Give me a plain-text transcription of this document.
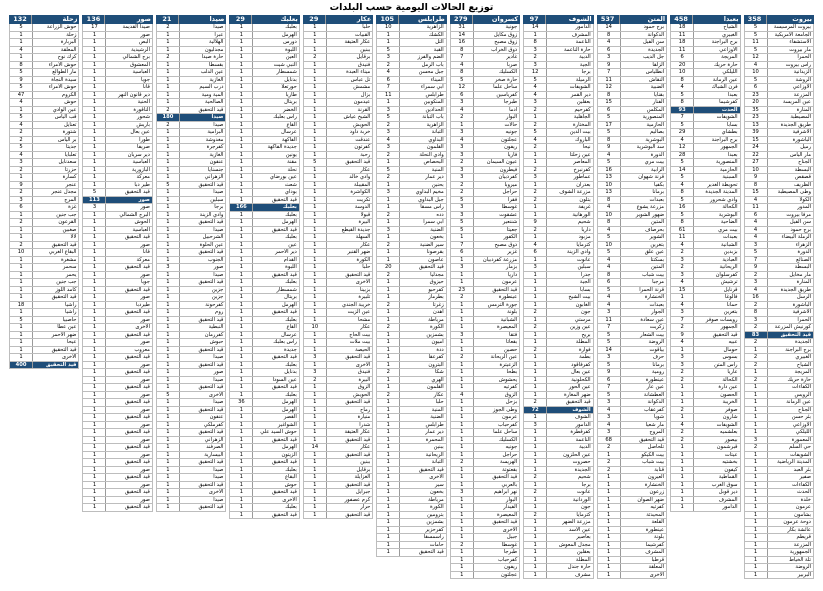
توزيع الحالات اليومية حسب البلدات
بيروت
358
بيروت المرسيسة
5
الجامعة الأمريكية
5
الاستشفاء
11
مار بيروت
5
الحمرا
12
رأس بيروت
4
الزيدانية
10
الروشة
5
الأوزاعي
6
المزرعة
23
عين المريسة
20
المنارة
35
المصيطبة
23
طريق الجديدة
13
الاشرفية
39
الباشورة
15
رميل
24
مار الياس
22
الجناح
27
البسطة
10
قصقص
9
الظريف
8
وطى المصيطبة
15
الكولا
4
المدور
11
مرفأ بيروت
6
سن الفيل
4
برج حمود
4
الرملة البيضاء
4
الزهراء
3
الدورة
5
الصنائع
7
البسطة
9
مار مخايل
2
المنارة
3
طريق الجديدة
4
الرسل
16
الباشورة
2
الأشرفية
8
الحمرا
3
كورنيش المزرعة
2
قيد التحقيق
83
الجديدة
2
برج البراجنة
1
الغبيري
2
الشياح
2
المريجة
1
حارة حريك
2
الكفاءات
1
الرويس
1
عين الرمانة
1
الجناح
1
بئر حسن
1
الأوزاعي
1
الليلكي
1
المعمورة
3
حي السلم
2
الشويفات
1
المدينة الرياضية
1
بئر العبد
1
صفير
1
الكفاءات
1
الحدث
1
خلدة
1
عرمون
1
بشامون
1
دوحة عرمون
1
عائشة بكار
1
قريطم
1
المزرعة
1
الجمهورية
1
تلة الخياط
1
الروضة
1
البربير
1
بعبدا
458
الشياح
18
الغبيري
11
برج البراجنة
18
الأوزاعي
11
المريجة
6
حارة حريك
20
الليلكي
10
عين الرمانة
8
فرن الشباك
4
بعبدا
5
كفرشيما
8
الحدث
93
الشويفات
7
بسابا
5
بطشاي
29
برج البراجنة
4
الجمهور
12
بعبدا
28
المنصورية
5
الحازمية
14
السبنية
5
تحويطة الغدير
4
المدينة الجديدة
8
وادي شحرور
5
الكحالة
16
البوشرية
5
الضاحية
8
بيت مري
61
بعبدات
11
الشبانية
4
بزبدين
2
العبادية
3
الريحانية
2
كفرسلوان
3
ترشيش
4
قرنايل
15
فالوغا
1
حمانا
4
بتغرين
3
رويسات صوفر
7
الجمهور
2
قيد التحقيق
9
عبيه
4
حومال
1
بسوس
3
رأس المتن
3
عاريا
2
الكحالة
2
عين دارة
1
الحصون
1
الخريبة
1
صوفر
2
شارون
1
الشويفات
4
بعلشميه
2
بيصور
2
قبرشمون
1
عيتات
1
بخشتيه
1
كيفون
1
القماطية
1
سوق الغرب
1
دير قوبل
1
المشرف
1
الدامور
1
المتن
537
برج حمود
14
الدكوانة
8
سن الفيل
4
الجديدة
6
جل الديب
3
الزلقا
9
انطلياس
7
النقاش
11
الضبية
12
بقنايا
8
الفنار
15
المكلس
6
المنصورية
5
الحازمية
17
بصاليم
5
البوشرية
8
سد البوشرية
9
الدورة
4
بيت مري
5
الرابية
16
قرنة شهوان
13
بكفيا
10
برمانا
13
بعبدات
8
مزرعة يشوع
4
ضهور الشوير
10
المتين
8
بحرصاف
4
الشوير
5
بتغرين
10
عين علق
5
بسكنتا
4
المتين
4
بيت شباب
8
مرجبا
6
قرنة الحمرا
5
الخنشارة
4
بعبدات
4
الجوار
3
عين سعادة
11
زكريت
7
بيت الشعار
5
الروضة
5
بياقوت
14
حرف
3
برمانا
5
رومية
9
عينطورة
6
عين عار
7
العطشانة
5
الدكوانة
3
كفرعقاب
4
شويا
3
مار شعيا
4
المروج
3
قيد التحقيق
68
تلحاصل
2
بيت الكيكو
1
بيت شباب
2
قنابة
2
العيرون
1
الخنشارة
1
زرعون
1
ضهر الصوان
1
كفرتيه
1
المحيدثة
1
القلعة
1
عينطورة
1
بلونة
1
كفرشيما
1
المشرف
1
قرطبا
1
المعلقة
1
الاخرى
1
الشوف
97
الدامور
14
المشرف
1
الناعمة
8
حارة الناعمة
3
الدبية
2
الجية
3
برجا
12
الرميلة
5
الشويفات
4
دير القمر
4
بعقلين
3
كفرحيم
2
الجاهلية
1
المختارة
2
بيت الدين
5
الباروك
4
نيحا
2
عين زحلتا
1
المعاصر
1
كفرنبرخ
2
عماطور
3
بعذران
1
مزرعة الشوف
2
بتلون
2
غريفة
1
الورهانية
1
شحيم
9
داريا
2
مزبود
1
كترمايا
4
وادي الزينة
6
عانوت
1
سبلين
3
جدرا
1
الجية
1
بسابا
1
بيت الشيخ
1
الغابون
1
جون
2
مرستي
1
عين وزين
2
بريح
1
المطلة
1
فوارة
2
بطمة
1
كفرفاقود
1
عين بعال
1
الكحلونية
1
عين الحور
1
ضهر المغارة
1
قيد التحقيق
2
الشوف
72
الشوف
1
الدامور
3
كفرقطرة
1
الناعمة
1
الدبية
1
عين الحلزون
1
حصروت
1
الجديدة
1
شحيم
2
برجا
1
عانوت
2
الوردانية
1
جون
1
كترمايا
2
مزرعة الضهر
1
عين الاسد
1
بعاصير
1
مجدل المعوش
1
بعقلين
1
المطلة
1
حارة جندل
1
مشرف
1
كسروان
279
جونية
31
زوق مكايل
14
زوق مصبح
16
ذوق الخراب
8
غادير
7
صربا
4
الكسليك
8
حارة صخر
5
ساحل علما
12
كفرياسين
6
طبرجا
3
أدما
4
البوار
2
حالات
1
جونيه
3
عجلتون
4
ريفون
3
فاريا
3
عيون السيمان
2
فيطرون
3
كفرذبيان
3
ميروبا
2
حراجل
2
فقرا
5
غوسطا
3
عشقوت
3
شننعير
5
جعيتا
5
الكفور
1
ذوق مصبح
7
غزير
6
مزرعة كفرذبيان
1
بزمار
3
داريا
1
عرمون
1
قيد التحقيق
23
عينطورة
2
جورة الترمس
1
بلونة
1
الشبانية
1
المعيصرة
1
فتقا
3
بقعاتا
1
حصين
1
عين الريحانة
2
الزعيترة
1
بطحا
1
يحشوش
1
كفرتيه
1
الزوق
4
بزحل
1
وطى الجوز
1
عرمون
1
كفرحباب
1
ساحل علما
1
الكسليك
1
جونيه
1
حراجل
1
الهريسة
2
بقعتوتة
1
قيد التحقيق
1
بالعربي
1
نهر ابراهيم
3
البوار
1
الفيدار
1
المعيصرة
1
قيد التحقيق
1
الأخرى
1
جبيل
1
غوسطا
2
طبرجا
1
كفرحباب
1
ريفون
1
عجلتون
1
طرابلس
105
الزاهرية
10
الكشك
1
التل
1
القبة
5
الضم والفرز
3
باب الرمل
2
جبل محسن
4
الميناء
6
ابي سمراء
7
طرابلس
11
المنكوبين
1
الحدادين
3
باب التبانة
5
الزاهرية
2
التبانة
3
البداوي
4
القلمون
3
وادي النحلة
2
البحصاص
1
المنية
5
دير عمار
2
بحنين
1
مخيم البداوي
3
جبل البداوي
1
رأس مسقا
1
دده
2
أبي سمرا
1
الضنية
3
بخعون
1
سير الضنية
2
بقرصونا
1
عاصون
1
قيد التحقيق
20
مجدليا
2
حيزوق
1
كفرحبو
1
بطرماز
1
زغرتا
2
اهدن
1
مرياطة
1
الكورة
2
بشمزين
1
امیون
1
ددة
1
كفرعقا
1
البترون
1
شكا
2
الهري
1
القلمون
1
عكار
2
حلبا
1
المنية
1
الضنية
1
طرابلس
1
دير عمار
1
المحمرة
1
ببنين
1
الريحانية
1
التبانة
1
قيد التحقيق
1
الاخرى
1
سير
1
بخعون
1
مرياطة
1
الكورة
1
بترومين
1
بشمزين
1
كفرحزير
1
راسمسقا
1
حامات
1
قيد التحقيق
1
عكار
29
حلبا
1
القبيات
1
عكار العتيقة
1
ببنين
1
برقايل
2
فنيدق
1
ميناء العبدة
1
تل عباس
1
مشمش
1
بزال
1
عيدمون
1
القرنة
1
الشيخ عياش
1
الحويش
1
خربة داود
1
عندقت
1
كفرتون
1
رحبة
1
قيد التحقيق
5
عكار
1
وادي خالد
1
المقيبلة
1
الكواشرة
1
تكريت
1
الدوسة
1
قبولا
1
البيرة
1
جديدة القيطع
1
السهلة
1
عكار
1
ضهر القنبر
1
الكورة
1
حلبا
1
قيد التحقيق
1
الأخرى
1
بزبينا
1
تلبيرة
1
خريبة الجندي
1
عين الزيت
1
مشحا
1
عكار
10
بيت الحاج
1
بيت ملات
1
الحيصة
1
قيد التحقيق
3
الأخرى
1
فنيدق
3
البيرة
2
الزوق
1
الحويش
1
قيد التحقيق
1
رماح
1
منيارة
1
شدرا
1
عكار العتيقة
1
قيد التحقيق
1
عكار
14
قيد التحقيق
1
ببنين
1
برقايل
1
الغزايلة
1
قيد التحقيق
1
جبرايل
1
كرم عصفور
1
حرار
1
قيد التحقيق
1
بعلبك
29
بعلبك
1
الهرمل
1
دورس
1
اللبوة
1
العين
1
النبي شيت
1
شمسطار
1
بدنايل
1
حورتعلا
1
طاريا
1
بريتال
1
الخضر
1
رأس بعلبك
1
القاع
1
عرسال
1
الفاكهة
1
جديدة الفاكهة
1
يونين
1
مقنة
1
نحلة
1
عين بورضاي
1
شعث
1
بوداي
1
قيد التحقيق
1
بعلبك
166
بعلبك
1
الهرمل
1
قيد التحقيق
1
بعلبك
1
عين
1
دير الأحمر
1
القدام
1
اللبوة
1
قيد التحقيق
1
بعلبك
1
شمسطار
1
بريتال
1
الهرمل
1
قيد التحقيق
1
بعلبك
1
القاع
1
عرسال
1
رأس بعلبك
1
جديدة
1
قيد التحقيق
1
بعلبك
1
بدنايل
1
عين السودا
1
قيد التحقيق
1
بعلبك
1
الهرمل
36
الهرمل
1
القصر
1
الشواغير
1
حوش السيد علي
1
قيد التحقيق
1
الهرمل
1
الزيتون
1
قيد التحقيق
1
بعلبك
1
البقاع
1
حوش
1
قيد التحقيق
1
الأخرى
1
بعلبك
1
قيد التحقيق
1
صيدا
21
صيدا
2
عبرا
1
الهلالية
1
مجدليون
1
حارة صيدا
2
بقسطا
1
عين الدلب
1
الغازية
1
درب السيم
1
المية ومية
1
الصالحية
1
قيد التحقيق
2
صيدا
180
صيدا
2
البرامية
1
مغدوشة
1
كفرجرة
1
الغازية
1
عنقون
1
جنسنايا
1
الزهراني
1
قيد التحقيق
5
صيدا
1
سبلين
1
برجا
1
وادي الزينة
1
قيد التحقيق
1
صيدا
1
الشرحبيل
1
عين الحلوة
1
قيد التحقيق
1
الجنوب
1
صور
3
صيدا
1
قيد التحقيق
1
جزين
1
جزين
1
كفرحونة
1
روم
1
قيد التحقيق
1
النبطية
1
كفررمان
1
حبوش
1
قيد التحقيق
1
صيدا
1
قيد التحقيق
1
صور
1
صيدا
1
قيد التحقيق
1
الأخرى
5
صيدا
1
قيد التحقيق
1
عنقون
1
كفرملكي
1
قيد التحقيق
1
الزهراني
1
الصرفند
1
البيسارية
1
قيد التحقيق
1
صيدا
1
صيدا
1
قيد التحقيق
1
الأخرى
1
صيدا
1
قيد التحقيق
1
صور
136
صيدا القديمة
17
صور
1
البص
1
الرشيدية
1
برج الشمالي
1
المعشوق
1
العباسية
1
جويا
1
قانا
1
دير قانون النهر
1
الحنية
1
الناقورة
1
شحور
1
باريش
1
عين بعال
1
طورا
1
صريفا
1
دير سريان
1
العباسية
1
البازورية
1
معركة
1
طير دبا
1
قيد التحقيق
5
صور
113
صور
3
البرج الشمالي
1
الحوش
1
العباسية
1
قيد التحقيق
1
صور
1
قانا
1
معركة
1
قيد التحقيق
1
صور
1
جويا
1
قيد التحقيق
1
صور
1
طيردبا
1
قيد التحقيق
1
صور
1
الأخرى
1
قيد التحقيق
1
صور
1
معروب
1
قيد التحقيق
1
صور
1
قيد التحقيق
1
صور
1
قيد التحقيق
1
صور
1
قيد التحقيق
1
صور
1
قيد التحقيق
1
صور
1
قيد التحقيق
1
صور
1
قيد التحقيق
1
صور
1
قيد التحقيق
1
صور
1
قيد التحقيق
1
صور
1
قيد التحقيق
1
صور
1
قيد التحقيق
1
زحلة
132
حوش الزراعة
5
زحلة
1
البربارة
1
المعلقة
4
كرك نوح
1
حوش الأمراء
8
مار الطوالع
5
سيدة النجاة
9
حوش الأمراء
5
الكروم
47
حوش
4
عين الوادي
1
قب الياس
5
تعنايل
4
شتورة
2
بر الياس
2
جديتا
5
تعلبايا
4
سعدنايل
3
حزرتا
2
كسارة
1
عنجر
9
مجدل عنجر
2
المرج
3
غزة
6
جب جنين
1
القرعون
2
صغبين
1
لالا
1
قيد التحقيق
2
البقاع الغربي
10
مشغرة
1
سحمر
1
يحمر
1
جب جنين
1
كامد اللوز
1
قيد التحقيق
1
راشيا
18
راشيا
1
حاصبيا
5
عين عطا
1
ضهر الأحمر
1
عيحا
1
قيد التحقيق
1
الأخرى
1
قيد التحقيق
400
